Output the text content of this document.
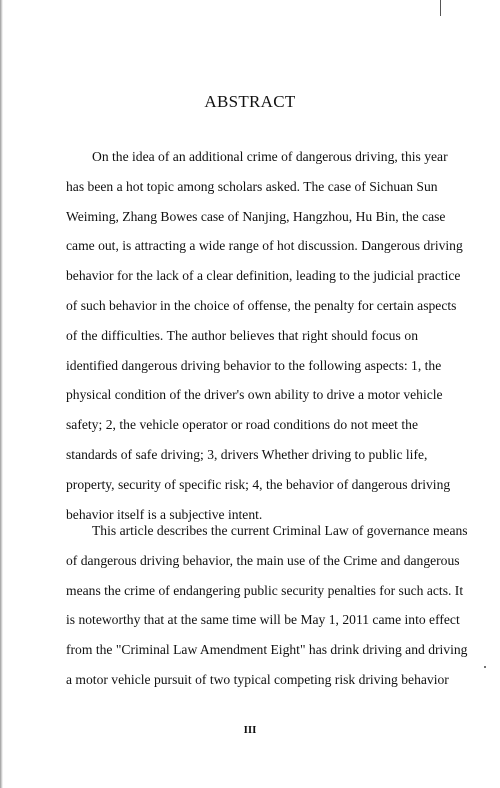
ABSTRACT

On the idea of an additional crime of dangerous driving, this year
has been a hot topic among scholars asked. The case of Sichuan Sun
Weiming, Zhang Bowes case of Nanjing, Hangzhou, Hu Bin, the case
came out, is attracting a wide range of hot discussion. Dangerous driving
behavior for the lack of a clear definition, leading to the judicial practice
of such behavior in the choice of offense, the penalty for certain aspects
of the difficulties. The author believes that right should focus on
identified dangerous driving behavior to the following aspects: 1, the
physical condition of the driver's own ability to drive a motor vehicle
safety; 2, the vehicle operator or road conditions do not meet the
standards of safe driving; 3, drivers Whether driving to public life,
property, security of specific risk; 4, the behavior of dangerous driving
behavior itself is a subjective intent.

This article describes the current Criminal Law of governance means
of dangerous driving behavior, the main use of the Crime and dangerous
means the crime of endangering public security penalties for such acts. It
is noteworthy that at the same time will be May 1, 2011 came into effect
from the "Criminal Law Amendment Eight" has drink driving and driving
a motor vehicle pursuit of two typical competing risk driving behavior

III
